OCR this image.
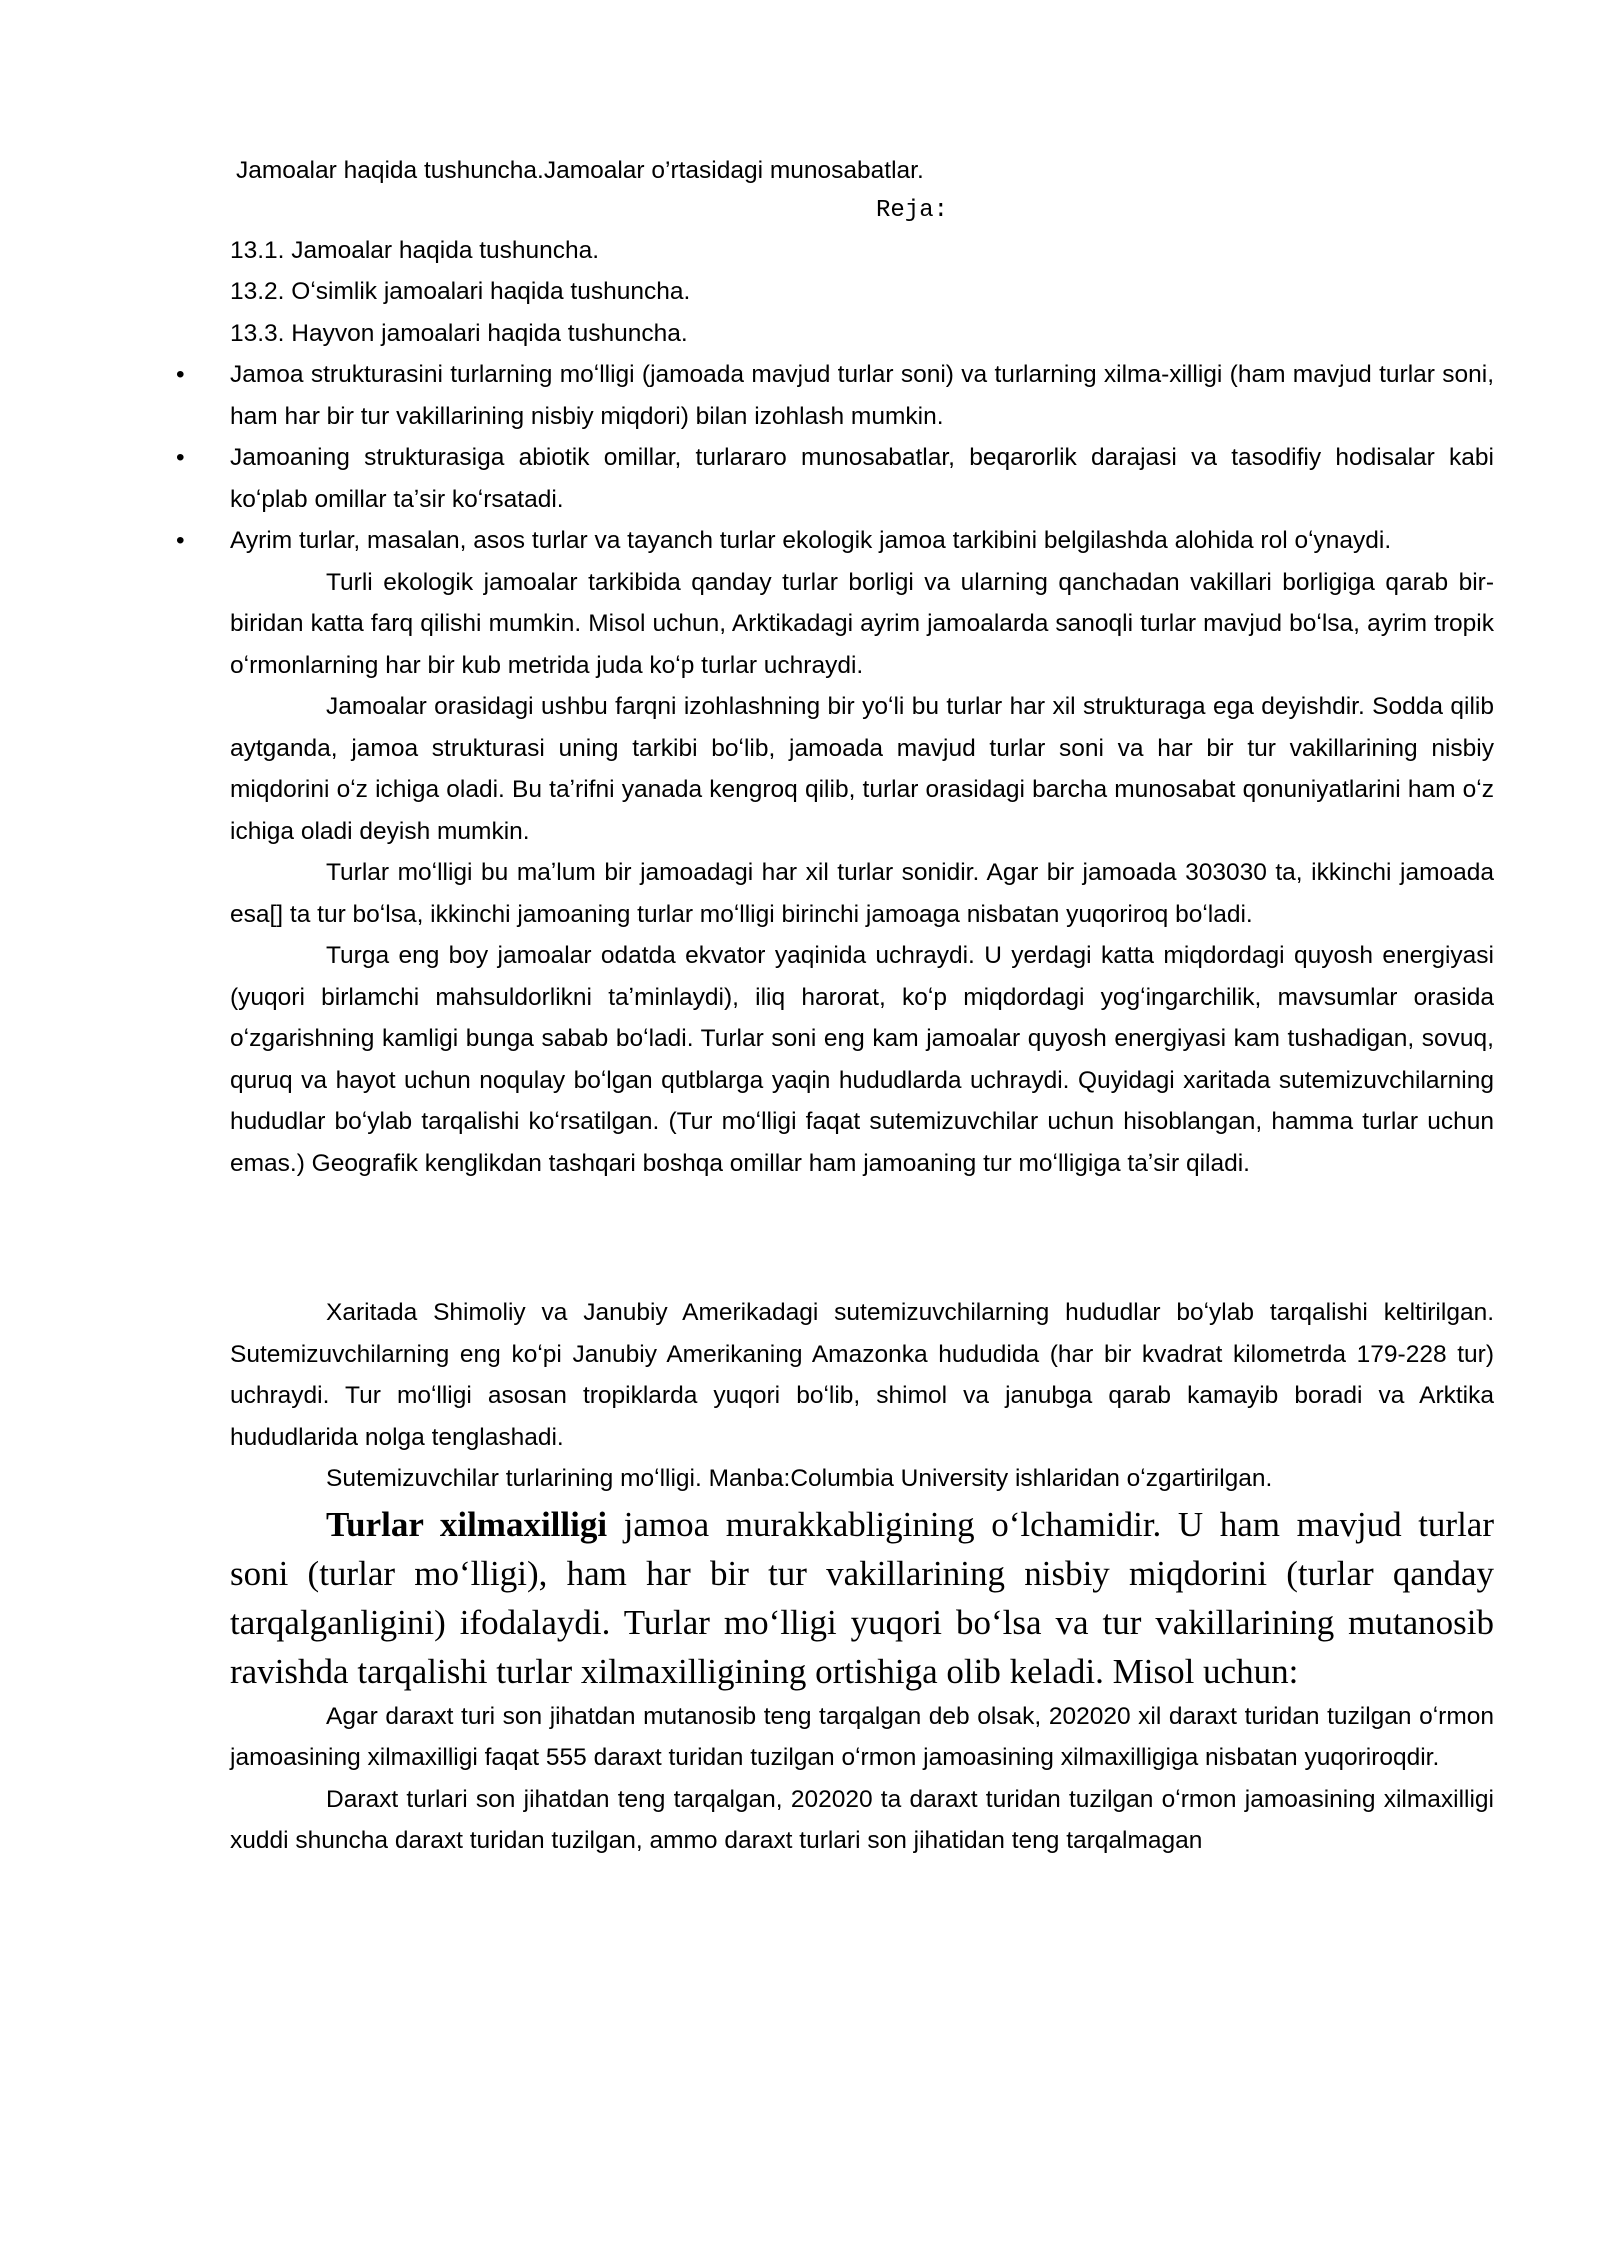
Jamoalar haqida tushuncha.Jamoalar o’rtasidagi munosabatlar.
Reja:
13.1. Jamoalar haqida tushuncha.
13.2. Oʻsimlik jamoalari haqida tushuncha.
13.3. Hayvon jamoalari haqida tushuncha.
• Jamoa strukturasini turlarning moʻlligi (jamoada mavjud turlar soni) va turlarning xilma-xilligi (ham mavjud turlar soni, ham har bir tur vakillarining nisbiy miqdori) bilan izohlash mumkin.
• Jamoaning strukturasiga abiotik omillar, turlararo munosabatlar, beqarorlik darajasi va tasodifiy hodisalar kabi koʻplab omillar taʼsir koʻrsatadi.
• Ayrim turlar, masalan, asos turlar va tayanch turlar ekologik jamoa tarkibini belgilashda alohida rol oʻynaydi.

Turli ekologik jamoalar tarkibida qanday turlar borligi va ularning qanchadan vakillari borligiga qarab bir-biridan katta farq qilishi mumkin. Misol uchun, Arktikadagi ayrim jamoalarda sanoqli turlar mavjud boʻlsa, ayrim tropik oʻrmonlarning har bir kub metrida juda koʻp turlar uchraydi.

Jamoalar orasidagi ushbu farqni izohlashning bir yoʻli bu turlar har xil strukturaga ega deyishdir. Sodda qilib aytganda, jamoa strukturasi uning tarkibi boʻlib, jamoada mavjud turlar soni va har bir tur vakillarining nisbiy miqdorini oʻz ichiga oladi. Bu taʼrifni yanada kengroq qilib, turlar orasidagi barcha munosabat qonuniyatlarini ham oʻz ichiga oladi deyish mumkin.

Turlar moʻlligi bu maʼlum bir jamoadagi har xil turlar sonidir. Agar bir jamoada 303030 ta, ikkinchi jamoada esa[] ta tur boʻlsa, ikkinchi jamoaning turlar moʻlligi birinchi jamoaga nisbatan yuqoriroq boʻladi.

Turga eng boy jamoalar odatda ekvator yaqinida uchraydi. U yerdagi katta miqdordagi quyosh energiyasi (yuqori birlamchi mahsuldorlikni taʼminlaydi), iliq harorat, koʻp miqdordagi yogʻingarchilik, mavsumlar orasida oʻzgarishning kamligi bunga sabab boʻladi. Turlar soni eng kam jamoalar quyosh energiyasi kam tushadigan, sovuq, quruq va hayot uchun noqulay boʻlgan qutblarga yaqin hududlarda uchraydi. Quyidagi xaritada sutemizuvchilarning hududlar boʻylab tarqalishi koʻrsatilgan. (Tur moʻlligi faqat sutemizuvchilar uchun hisoblangan, hamma turlar uchun emas.) Geografik kenglikdan tashqari boshqa omillar ham jamoaning tur moʻlligiga taʼsir qiladi.

Xaritada Shimoliy va Janubiy Amerikadagi sutemizuvchilarning hududlar boʻylab tarqalishi keltirilgan. Sutemizuvchilarning eng koʻpi Janubiy Amerikaning Amazonka hududida (har bir kvadrat kilometrda 179-228 tur) uchraydi. Tur moʻlligi asosan tropiklarda yuqori boʻlib, shimol va janubga qarab kamayib boradi va Arktika hududlarida nolga tenglashadi.

Sutemizuvchilar turlarining moʻlligi. Manba:Columbia University ishlaridan oʻzgartirilgan.

Turlar xilmaxilligi jamoa murakkabligining oʻlchamidir. U ham mavjud turlar soni (turlar moʻlligi), ham har bir tur vakillarining nisbiy miqdorini (turlar qanday tarqalganligini) ifodalaydi. Turlar moʻlligi yuqori boʻlsa va tur vakillarining mutanosib ravishda tarqalishi turlar xilmaxilligining ortishiga olib keladi. Misol uchun:

Agar daraxt turi son jihatdan mutanosib teng tarqalgan deb olsak, 202020 xil daraxt turidan tuzilgan oʻrmon jamoasining xilmaxilligi faqat 555 daraxt turidan tuzilgan oʻrmon jamoasining xilmaxilligiga nisbatan yuqoriroqdir.

Daraxt turlari son jihatdan teng tarqalgan, 202020 ta daraxt turidan tuzilgan oʻrmon jamoasining xilmaxilligi xuddi shuncha daraxt turidan tuzilgan, ammo daraxt turlari son jihatidan teng tarqalmagan
